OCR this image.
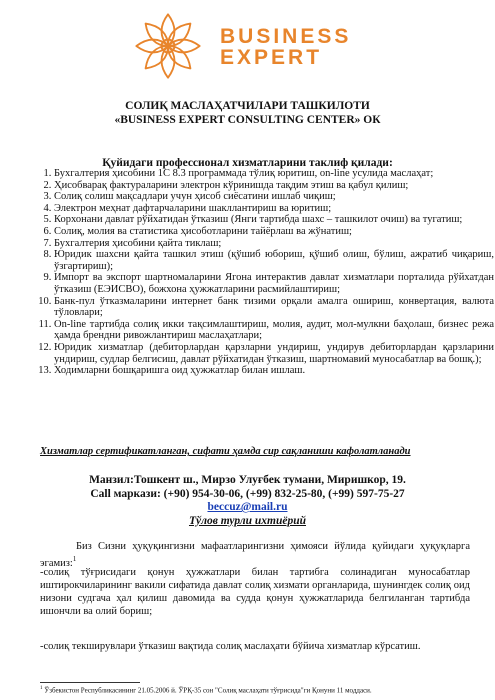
BUSINESS
EXPERT
СОЛИҚ МАСЛАҲАТЧИЛАРИ ТАШКИЛОТИ
«BUSINESS EXPERT CONSULTING CENTER» ОК
Қуйидаги профессионал хизматларини таклиф қилади:
1. Бухгалтерия ҳисобини 1С 8.3 программада тўлиқ юритиш, on-line усулида маслаҳат;
2. Ҳисобварақ фактураларини электрон кўринишда тақдим этиш ва қабул қилиш;
3. Солиқ солиш мақсадлари учун ҳисоб сиёсатини ишлаб чиқиш;
4. Электрон меҳнат дафтарчаларини шакллантириш ва юритиш;
5. Корхонани давлат рўйхатидан ўтказиш (Янги тартибда шахс – ташкилот очиш) ва тугатиш;
6. Солиқ, молия ва статистика ҳисоботларини тайёрлаш ва жўнатиш;
7. Бухгалтерия ҳисобини қайта тиклаш;
8. Юридик шахсни қайта ташкил этиш (қўшиб юбориш, қўшиб олиш, бўлиш, ажратиб чиқариш, ўзгартириш);
9. Импорт ва экспорт шартномаларини Ягона интерактив давлат хизматлари порталида рўйхатдан ўтказиш (ЕЭИСВО), божхона ҳужжатларини расмийлаштириш;
10. Банк-пул ўтказмаларини интернет банк тизими орқали амалга ошириш, конвертация, валюта тўловлари;
11. On-line тартибда солиқ икки тақсимлаштириш, молия, аудит, мол-мулкни баҳолаш, бизнес режа ҳамда брендни ривожлантириш маслаҳатлари;
12. Юридик хизматлар (дебиторлардан қарзларни ундириш, ундирув дебиторлардан қарзларини ундириш, судлар белгисиш, давлат рўйхатидан ўтказиш, шартномавий муносабатлар ва бошқ.);
13. Ходимларни бошқаришга оид ҳужжатлар билан ишлаш.
Хизматлар сертификатланган, сифати ҳамда сир сақланиши кафолатланади
Манзил:Тошкент ш., Мирзо Улуғбек тумани, Миришкор, 19.
Call маркази: (+90) 954-30-06, (+99) 832-25-80, (+99) 597-75-27
beccuz@mail.ru
Тўлов турли ихтиёрий
Биз Сизни ҳуқуқингизни мафаатларингизни ҳимояси йўлида қуйидаги ҳуқуқларга эгамиз:$^1$
-солиқ тўғрисидаги қонун ҳужжатлари билан тартибга солинадиган муносабатлар иштирокчиларининг вакили сифатида давлат солиқ хизмати органларида, шунингдек солиқ оид низони судгача ҳал қилиш давомида ва судда қонун ҳужжатларида белгиланган тартибда ишончли ва олий бориш;
-солиқ текширувлари ўтказиш вақтида солиқ маслаҳати бўйича хизматлар кўрсатиш.
$^1$ Ўзбекистон Республикасининг 21.05.2006 й. ЎРҚ-35 сон "Солиқ маслаҳати тўғрисида"ги Қонуни 11 моддаси.
